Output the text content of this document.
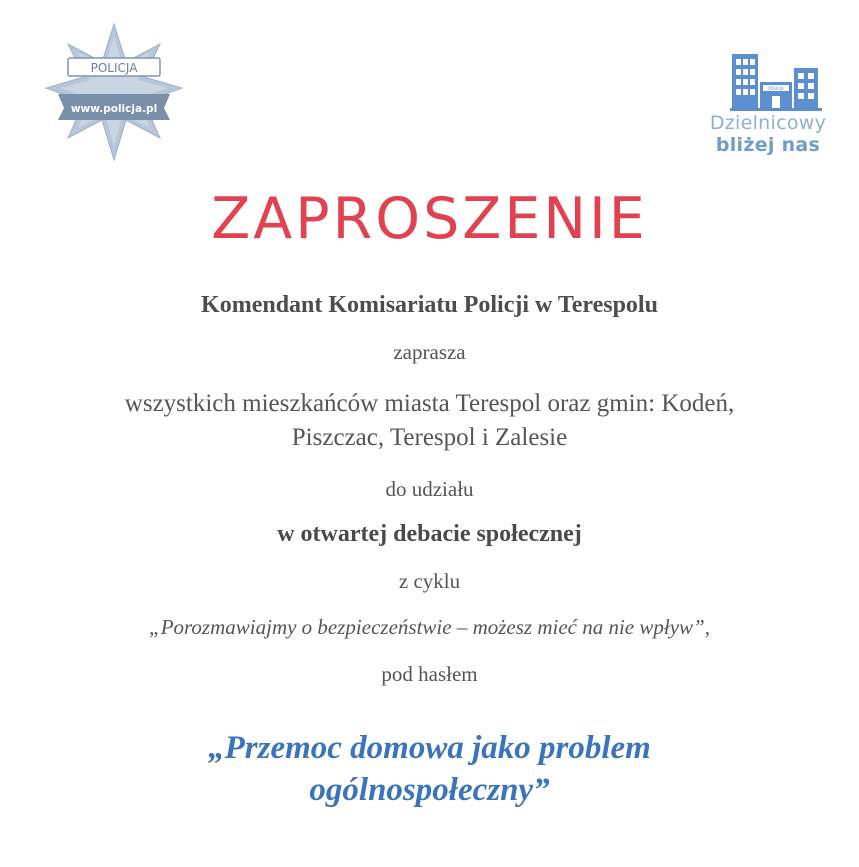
POLICJA
www.policja.pl
POLICJA
Dzielnicowy
bliżej nas
ZAPROSZENIE
Komendant Komisariatu Policji w Terespolu
zaprasza
wszystkich mieszkańców miasta Terespol oraz gmin: Kodeń,
Piszczac, Terespol i Zalesie
do udziału
w otwartej debacie społecznej
z cyklu
„Porozmawiajmy o bezpieczeństwie – możesz mieć na nie wpływ”,
pod hasłem
„Przemoc domowa jako problem
ogólnospołeczny”
